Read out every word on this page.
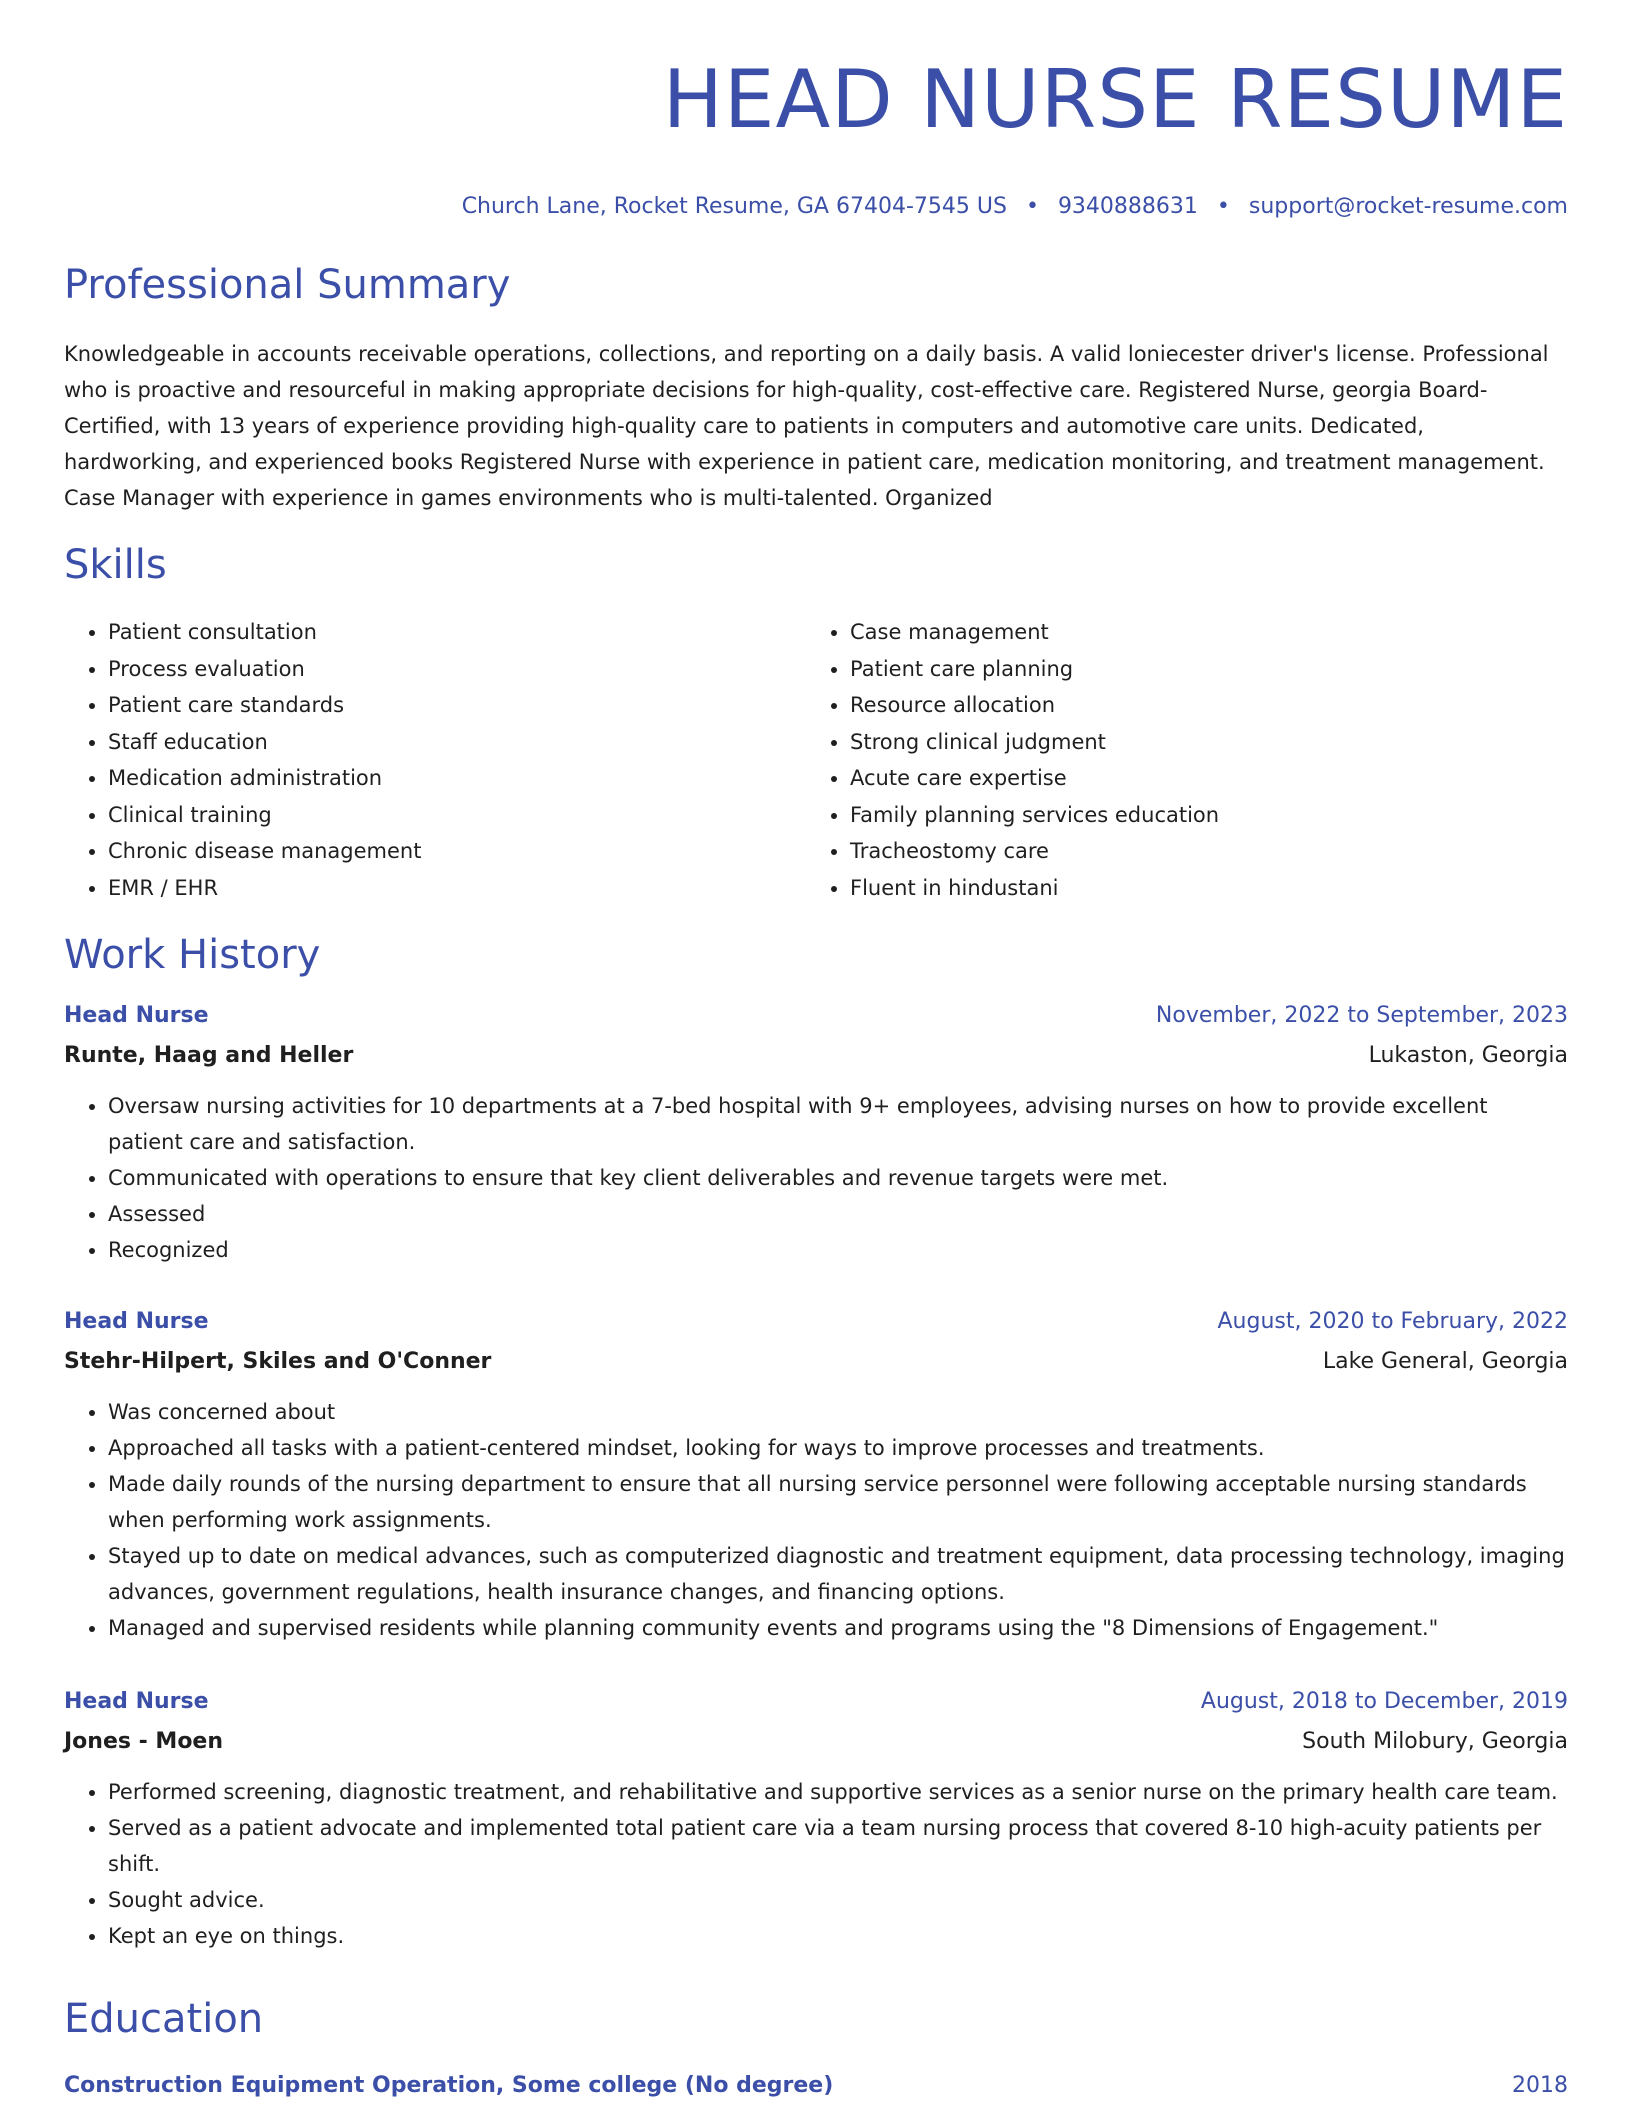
HEAD NURSE RESUME
Church Lane, Rocket Resume, GA 67404-7545 US • 9340888631 • support@rocket-resume.com
Professional Summary

Knowledgeable in accounts receivable operations, collections, and reporting on a daily basis. A valid loniecester driver's license. Professional who is proactive and resourceful in making appropriate decisions for high-quality, cost-effective care. Registered Nurse, georgia Board-Certified, with 13 years of experience providing high-quality care to patients in computers and automotive care units. Dedicated, hardworking, and experienced books Registered Nurse with experience in patient care, medication monitoring, and treatment management. Case Manager with experience in games environments who is multi-talented. Organized

Skills
• Patient consultation
• Process evaluation
• Patient care standards
• Staff education
• Medication administration
• Clinical training
• Chronic disease management
• EMR / EHR
• Case management
• Patient care planning
• Resource allocation
• Strong clinical judgment
• Acute care expertise
• Family planning services education
• Tracheostomy care
• Fluent in hindustani
Work History
Head Nurse	November, 2022 to September, 2023
Runte, Haag and Heller	Lukaston, Georgia
• Oversaw nursing activities for 10 departments at a 7-bed hospital with 9+ employees, advising nurses on how to provide excellent patient care and satisfaction.
• Communicated with operations to ensure that key client deliverables and revenue targets were met.
• Assessed
• Recognized
Head Nurse	August, 2020 to February, 2022
Stehr-Hilpert, Skiles and O'Conner	Lake General, Georgia
• Was concerned about
• Approached all tasks with a patient-centered mindset, looking for ways to improve processes and treatments.
• Made daily rounds of the nursing department to ensure that all nursing service personnel were following acceptable nursing standards when performing work assignments.
• Stayed up to date on medical advances, such as computerized diagnostic and treatment equipment, data processing technology, imaging advances, government regulations, health insurance changes, and financing options.
• Managed and supervised residents while planning community events and programs using the "8 Dimensions of Engagement."
Head Nurse	August, 2018 to December, 2019
Jones - Moen	South Milobury, Georgia
• Performed screening, diagnostic treatment, and rehabilitative and supportive services as a senior nurse on the primary health care team.
• Served as a patient advocate and implemented total patient care via a team nursing process that covered 8-10 high-acuity patients per shift.
• Sought advice.
• Kept an eye on things.
Education
Construction Equipment Operation, Some college (No degree)	2018
